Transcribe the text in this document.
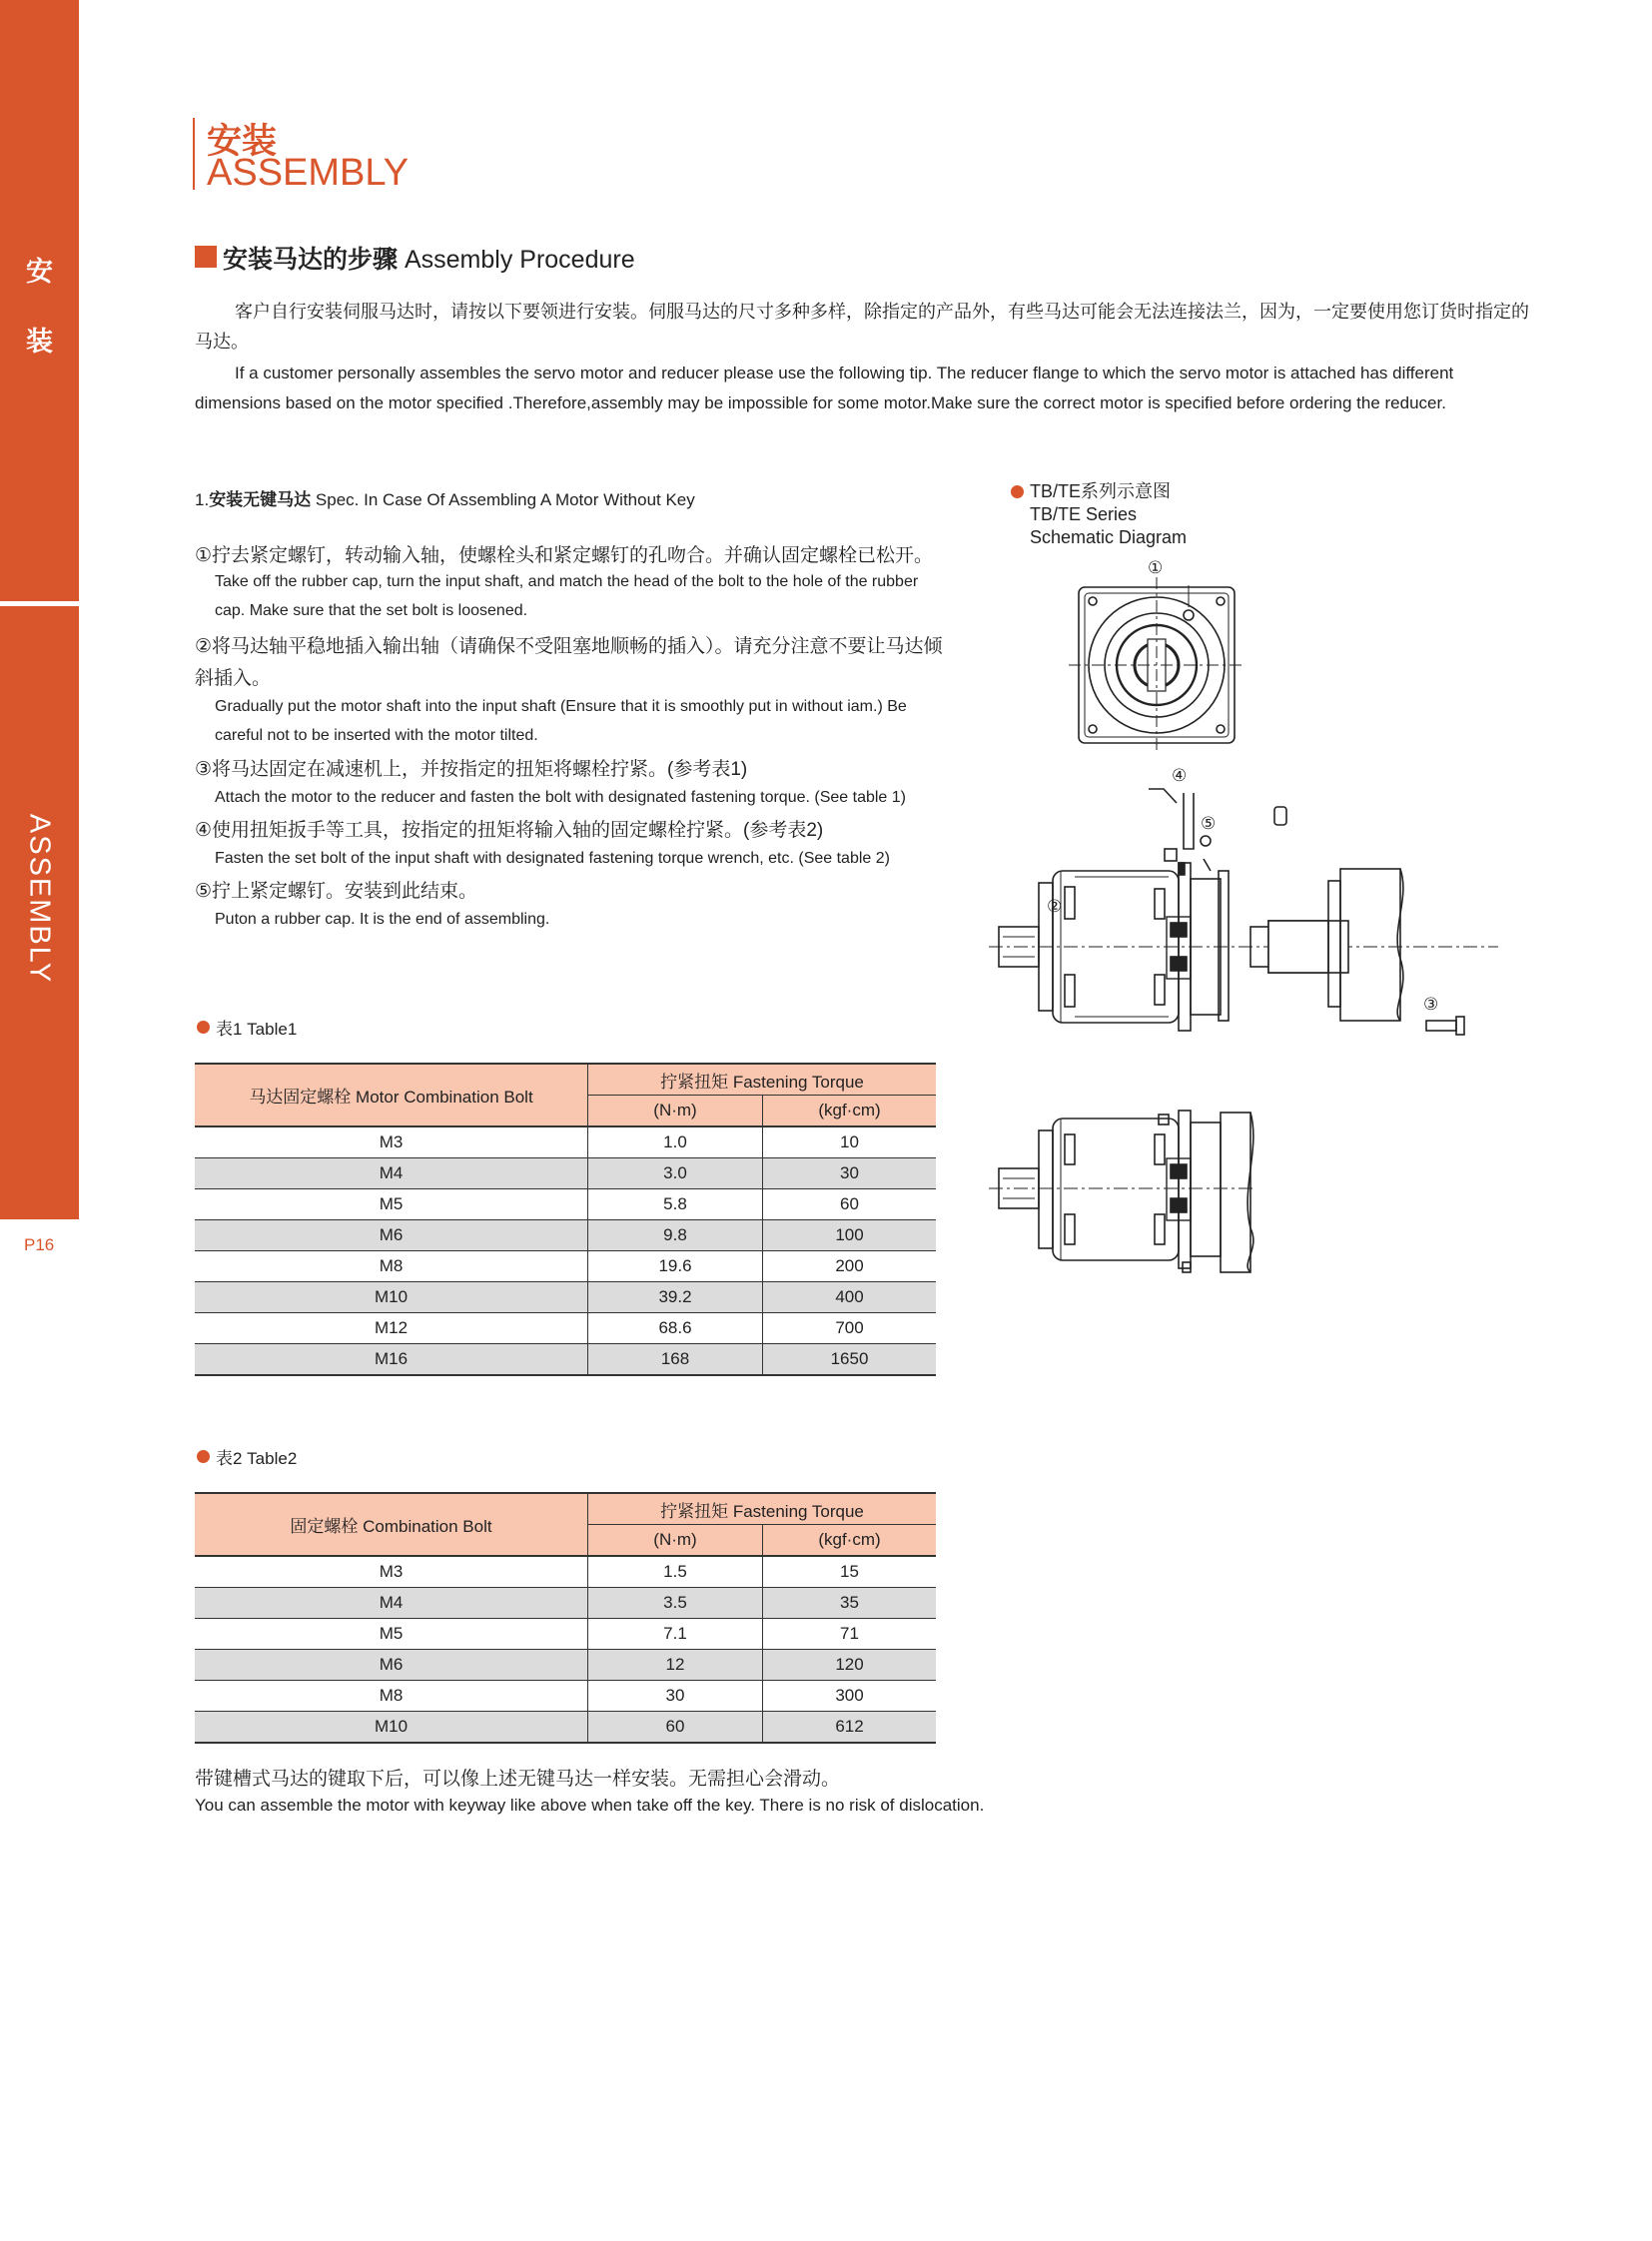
安
装
ASSEMBLY
P16
安装
ASSEMBLY
安装马达的步骤 Assembly Procedure
客户自行安装伺服马达时，请按以下要领进行安装。伺服马达的尺寸多种多样，除指定的产品外，有些马达可能会无法连接法兰，因为，一定要使用您订货时指定的马达。
If a customer personally assembles the servo motor and reducer please use the following tip. The reducer flange to which the servo motor is attached has different dimensions based on the motor specified .Therefore,assembly may be impossible for some motor.Make sure the correct motor is specified before ordering the reducer.
1.安装无键马达 Spec. In Case Of Assembling A Motor Without Key
①拧去紧定螺钉，转动输入轴，使螺栓头和紧定螺钉的孔吻合。并确认固定螺栓已松开。
Take off the rubber cap, turn the input shaft, and match the head of the bolt to the hole of the rubber cap. Make sure that the set bolt is loosened.
②将马达轴平稳地插入输出轴（请确保不受阻塞地顺畅的插入）。请充分注意不要让马达倾斜插入。
Gradually put the motor shaft into the input shaft (Ensure that it is smoothly put in without iam.) Be careful not to be inserted with the motor tilted.
③将马达固定在减速机上，并按指定的扭矩将螺栓拧紧。(参考表1)
Attach the motor to the reducer and fasten the bolt with designated fastening torque. (See table 1)
④使用扭矩扳手等工具，按指定的扭矩将输入轴的固定螺栓拧紧。(参考表2)
Fasten the set bolt of the input shaft with designated fastening torque wrench, etc. (See table 2)
⑤拧上紧定螺钉。安装到此结束。
Puton a rubber cap. It is the end of assembling.
表1 Table1
马达固定螺栓 Motor Combination Bolt	拧紧扭矩 Fastening Torque	
	(N·m)	(kgf·cm)
M3	1.0	10
M4	3.0	30
M5	5.8	60
M6	9.8	100
M8	19.6	200
M10	39.2	400
M12	68.6	700
M16	168	1650
表2 Table2
固定螺栓 Combination Bolt	拧紧扭矩 Fastening Torque	
	(N·m)	(kgf·cm)
M3	1.5	15
M4	3.5	35
M5	7.1	71
M6	12	120
M8	30	300
M10	60	612
带键槽式马达的键取下后，可以像上述无键马达一样安装。无需担心会滑动。
You can assemble the motor with keyway like above when take off the key. There is no risk of dislocation.
TB/TE系列示意图
TB/TE Series
Schematic Diagram
①
②
③
④
⑤
